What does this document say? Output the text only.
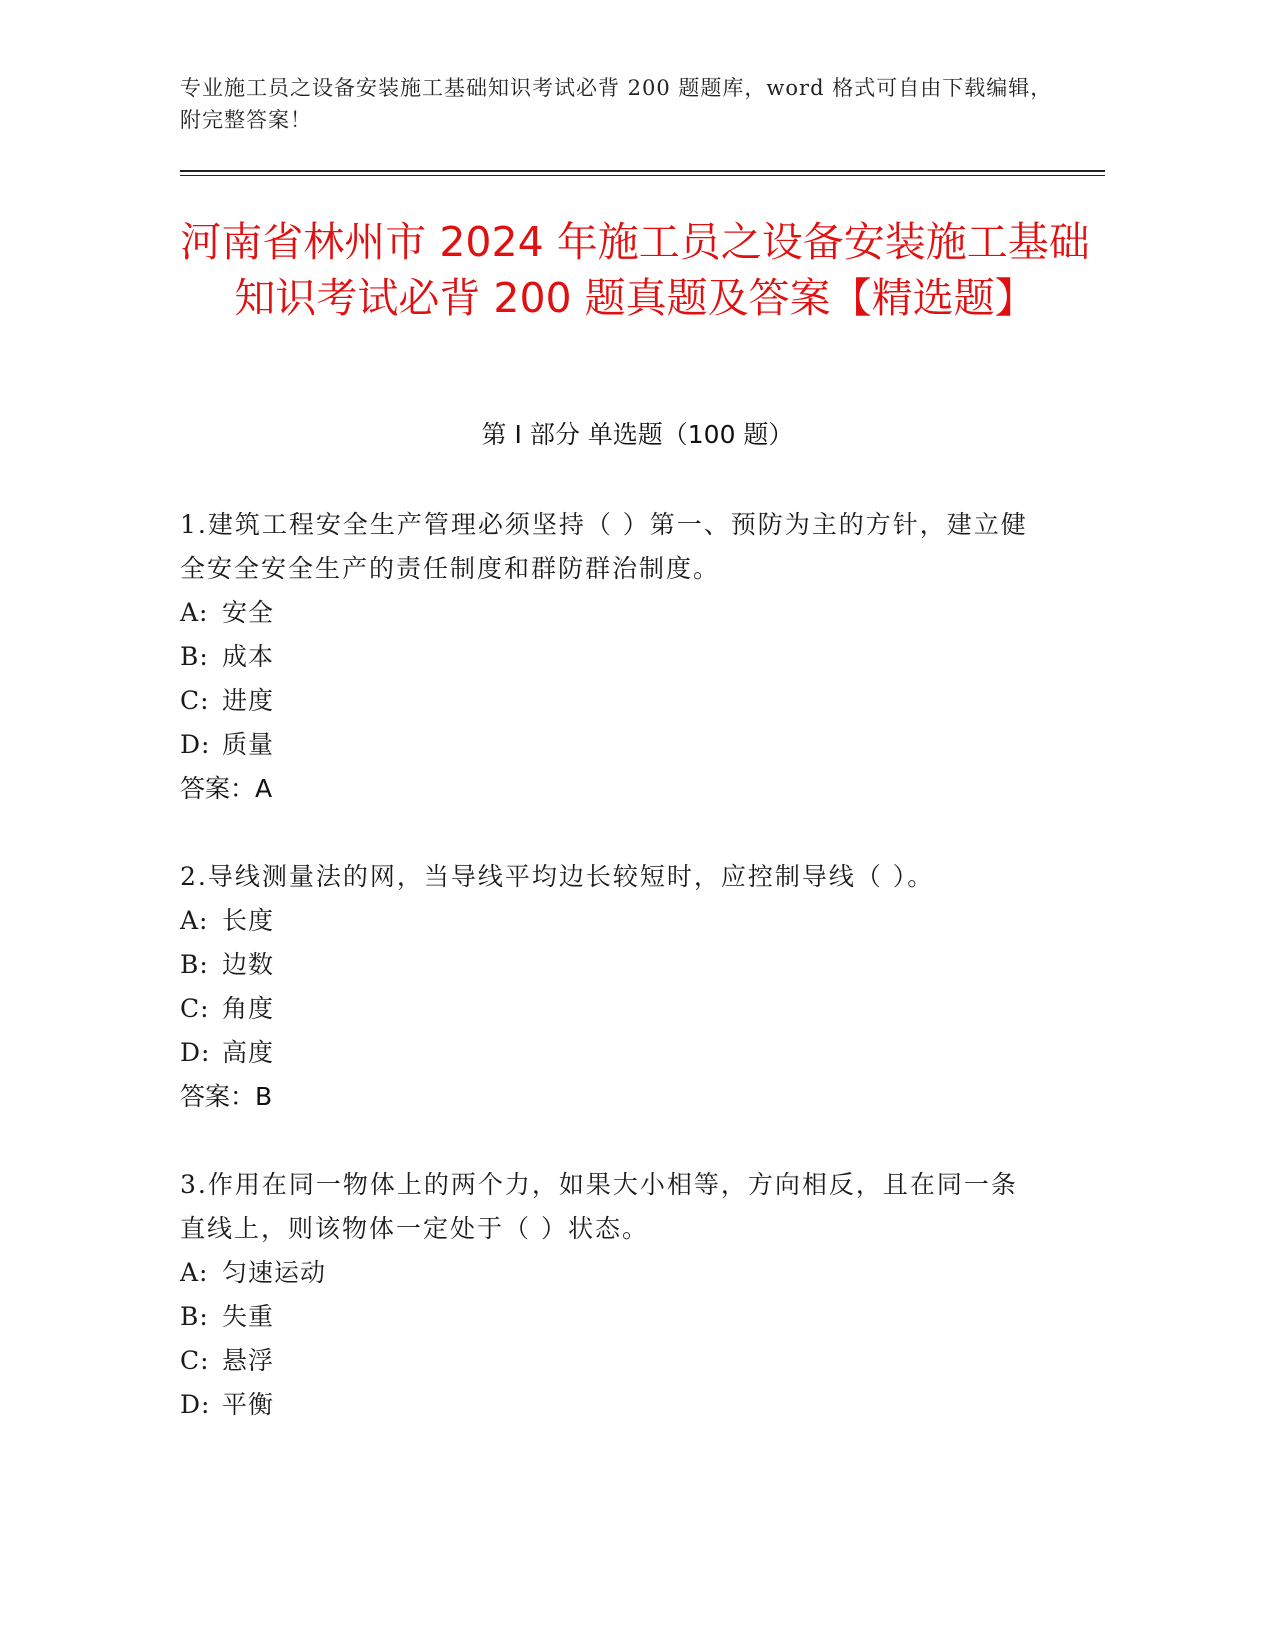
专业施工员之设备安装施工基础知识考试必背 200 题题库，word 格式可自由下载编辑，附完整答案！
河南省林州市 2024 年施工员之设备安装施工基础知识考试必背 200 题真题及答案【精选题】
第 I 部分 单选题（100 题）
1.建筑工程安全生产管理必须坚持（ ）第一、预防为主的方针，建立健全安全安全生产的责任制度和群防群治制度。
A: 安全
B: 成本
C: 进度
D: 质量
答案：A
2.导线测量法的网，当导线平均边长较短时，应控制导线（ ）。
A: 长度
B: 边数
C: 角度
D: 高度
答案：B
3.作用在同一物体上的两个力，如果大小相等，方向相反，且在同一条直线上，则该物体一定处于（ ）状态。
A: 匀速运动
B: 失重
C: 悬浮
D: 平衡
